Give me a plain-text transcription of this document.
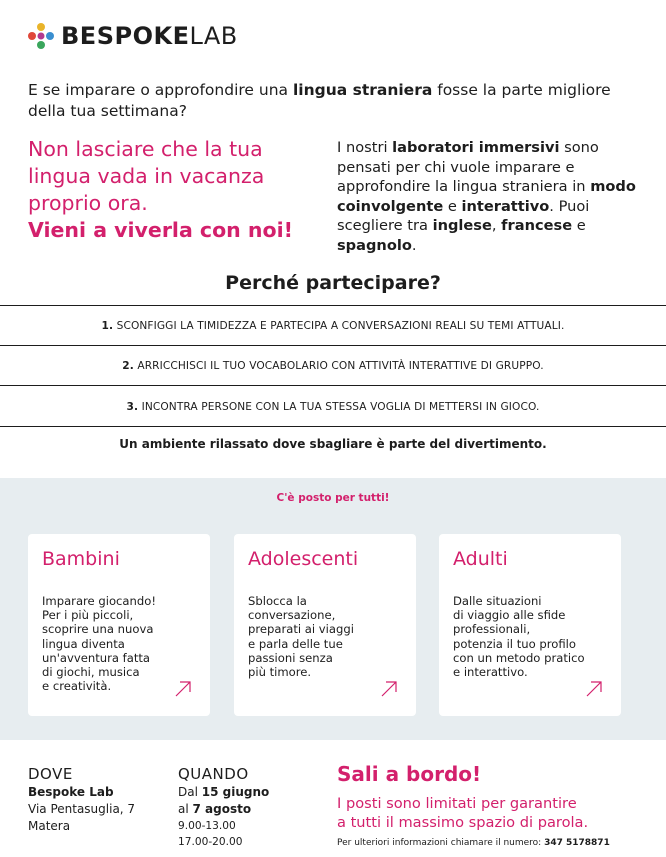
BESPOKELAB
E se imparare o approfondire una lingua straniera fosse la parte migliore della tua settimana?
Non lasciare che la tua
lingua vada in vacanza
proprio ora.
Vieni a viverla con noi!
I nostri laboratori immersivi sono pensati per chi vuole imparare e approfondire la lingua straniera in modo coinvolgente e interattivo. Puoi scegliere tra inglese, francese e spagnolo.
Perché partecipare?
1. SCONFIGGI LA TIMIDEZZA E PARTECIPA A CONVERSAZIONI REALI SU TEMI ATTUALI.
2. ARRICCHISCI IL TUO VOCABOLARIO CON ATTIVITÀ INTERATTIVE DI GRUPPO.
3. INCONTRA PERSONE CON LA TUA STESSA VOGLIA DI METTERSI IN GIOCO.
Un ambiente rilassato dove sbagliare è parte del divertimento.
C'è posto per tutti!
Bambini
Imparare giocando!
Per i più piccoli,
scoprire una nuova
lingua diventa
un'avventura fatta
di giochi, musica
e creatività.
Adolescenti
Sblocca la
conversazione,
preparati ai viaggi
e parla delle tue
passioni senza
più timore.
Adulti
Dalle situazioni
di viaggio alle sfide
professionali,
potenzia il tuo profilo
con un metodo pratico
e interattivo.
DOVE
Bespoke Lab
Via Pentasuglia, 7
Matera
QUANDO
Dal 15 giugno
al 7 agosto
9.00-13.00
17.00-20.00
Sali a bordo!
I posti sono limitati per garantire
a tutti il massimo spazio di parola.
Per ulteriori informazioni chiamare il numero: 347 5178871
